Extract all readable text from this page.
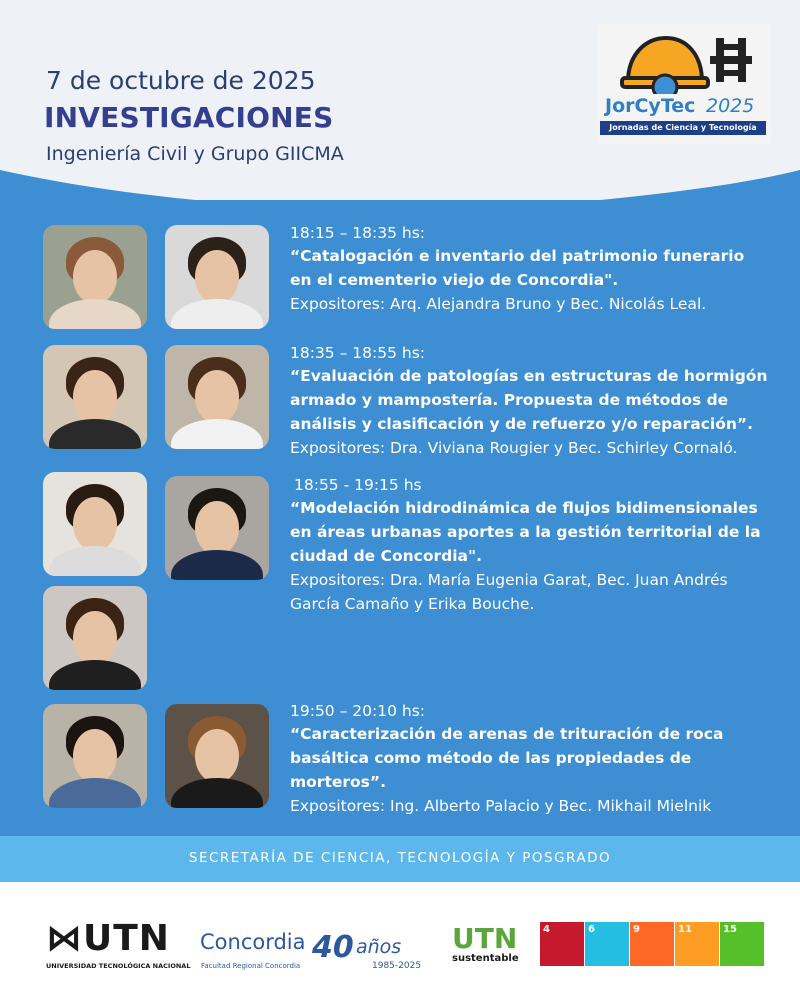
7 de octubre de 2025
INVESTIGACIONES
Ingeniería Civil y Grupo GIICMA
JorCyTec 2025
Jornadas de Ciencia y Tecnología
18:15 – 18:35 hs:
“Catalogación e inventario del patrimonio funerario
en el cementerio viejo de Concordia".
Expositores: Arq. Alejandra Bruno y Bec. Nicolás Leal.
18:35 – 18:55 hs:
“Evaluación de patologías en estructuras de hormigón
armado y mampostería. Propuesta de métodos de
análisis y clasificación y de refuerzo y/o reparación”.
Expositores: Dra. Viviana Rougier y Bec. Schirley Cornaló.
18:55 - 19:15 hs
“Modelación hidrodinámica de flujos bidimensionales
en áreas urbanas aportes a la gestión territorial de la
ciudad de Concordia".
Expositores: Dra. María Eugenia Garat, Bec. Juan Andrés
García Camaño y Erika Bouche.
19:50 – 20:10 hs:
“Caracterización de arenas de trituración de roca
basáltica como método de las propiedades de
morteros”.
Expositores: Ing. Alberto Palacio y Bec. Mikhail Mielnik
SECRETARÍA DE CIENCIA, TECNOLOGÍA Y POSGRADO
⋈UTN
UNIVERSIDAD TECNOLÓGICA NACIONAL
Concordia
Facultad Regional Concordia
40 años
1985-2025
UTN
sustentable
4	6	9	11	15
